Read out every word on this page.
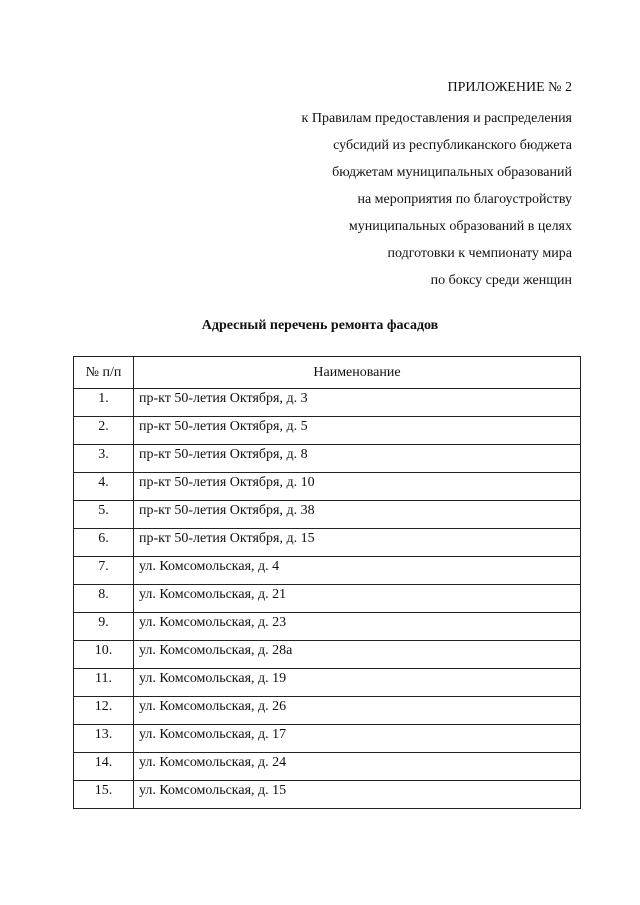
ПРИЛОЖЕНИЕ № 2
к Правилам предоставления и распределения
субсидий из республиканского бюджета
бюджетам муниципальных образований
на мероприятия по благоустройству
муниципальных образований в целях
подготовки к чемпионату мира
по боксу среди женщин
Адресный перечень ремонта фасадов
№ п/п	Наименование
1.	пр-кт 50-летия Октября, д. 3
2.	пр-кт 50-летия Октября, д. 5
3.	пр-кт 50-летия Октября, д. 8
4.	пр-кт 50-летия Октября, д. 10
5.	пр-кт 50-летия Октября, д. 38
6.	пр-кт 50-летия Октября, д. 15
7.	ул. Комсомольская, д. 4
8.	ул. Комсомольская, д. 21
9.	ул. Комсомольская, д. 23
10.	ул. Комсомольская, д. 28а
11.	ул. Комсомольская, д. 19
12.	ул. Комсомольская, д. 26
13.	ул. Комсомольская, д. 17
14.	ул. Комсомольская, д. 24
15.	ул. Комсомольская, д. 15
